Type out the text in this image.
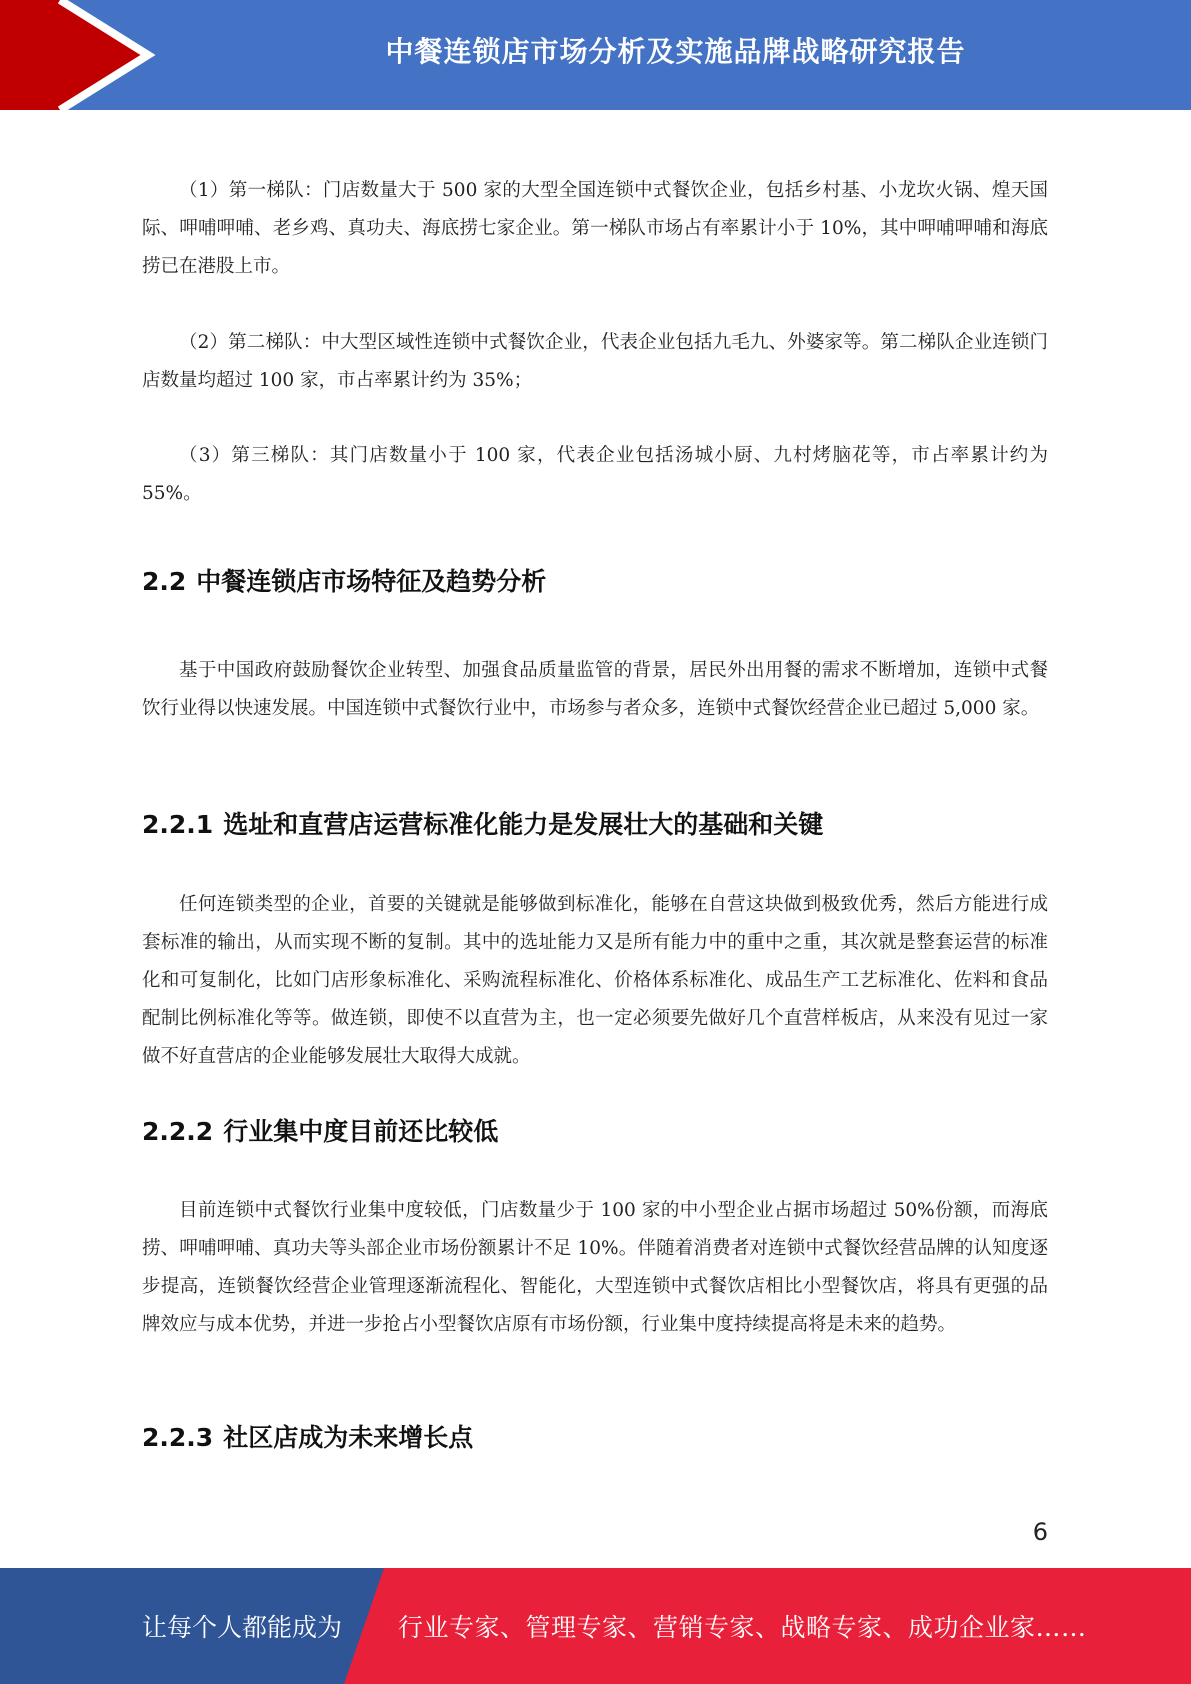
中餐连锁店市场分析及实施品牌战略研究报告

（1）第一梯队：门店数量大于 500 家的大型全国连锁中式餐饮企业，包括乡村基、小龙坎火锅、煌天国际、呷哺呷哺、老乡鸡、真功夫、海底捞七家企业。第一梯队市场占有率累计小于 10%，其中呷哺呷哺和海底捞已在港股上市。

（2）第二梯队：中大型区域性连锁中式餐饮企业，代表企业包括九毛九、外婆家等。第二梯队企业连锁门店数量均超过 100 家，市占率累计约为 35%；

（3）第三梯队：其门店数量小于 100 家，代表企业包括汤城小厨、九村烤脑花等，市占率累计约为 55%。

2.2 中餐连锁店市场特征及趋势分析

基于中国政府鼓励餐饮企业转型、加强食品质量监管的背景，居民外出用餐的需求不断增加，连锁中式餐饮行业得以快速发展。中国连锁中式餐饮行业中，市场参与者众多，连锁中式餐饮经营企业已超过 5,000 家。

2.2.1 选址和直营店运营标准化能力是发展壮大的基础和关键

任何连锁类型的企业，首要的关键就是能够做到标准化，能够在自营这块做到极致优秀，然后方能进行成套标准的输出，从而实现不断的复制。其中的选址能力又是所有能力中的重中之重，其次就是整套运营的标准化和可复制化，比如门店形象标准化、采购流程标准化、价格体系标准化、成品生产工艺标准化、佐料和食品配制比例标准化等等。做连锁，即使不以直营为主，也一定必须要先做好几个直营样板店，从来没有见过一家做不好直营店的企业能够发展壮大取得大成就。

2.2.2 行业集中度目前还比较低

目前连锁中式餐饮行业集中度较低，门店数量少于 100 家的中小型企业占据市场超过 50%份额，而海底捞、呷哺呷哺、真功夫等头部企业市场份额累计不足 10%。伴随着消费者对连锁中式餐饮经营品牌的认知度逐步提高，连锁餐饮经营企业管理逐渐流程化、智能化，大型连锁中式餐饮店相比小型餐饮店，将具有更强的品牌效应与成本优势，并进一步抢占小型餐饮店原有市场份额，行业集中度持续提高将是未来的趋势。

2.2.3 社区店成为未来增长点
6
让每个人都能成为 行业专家、管理专家、营销专家、战略专家、成功企业家……
